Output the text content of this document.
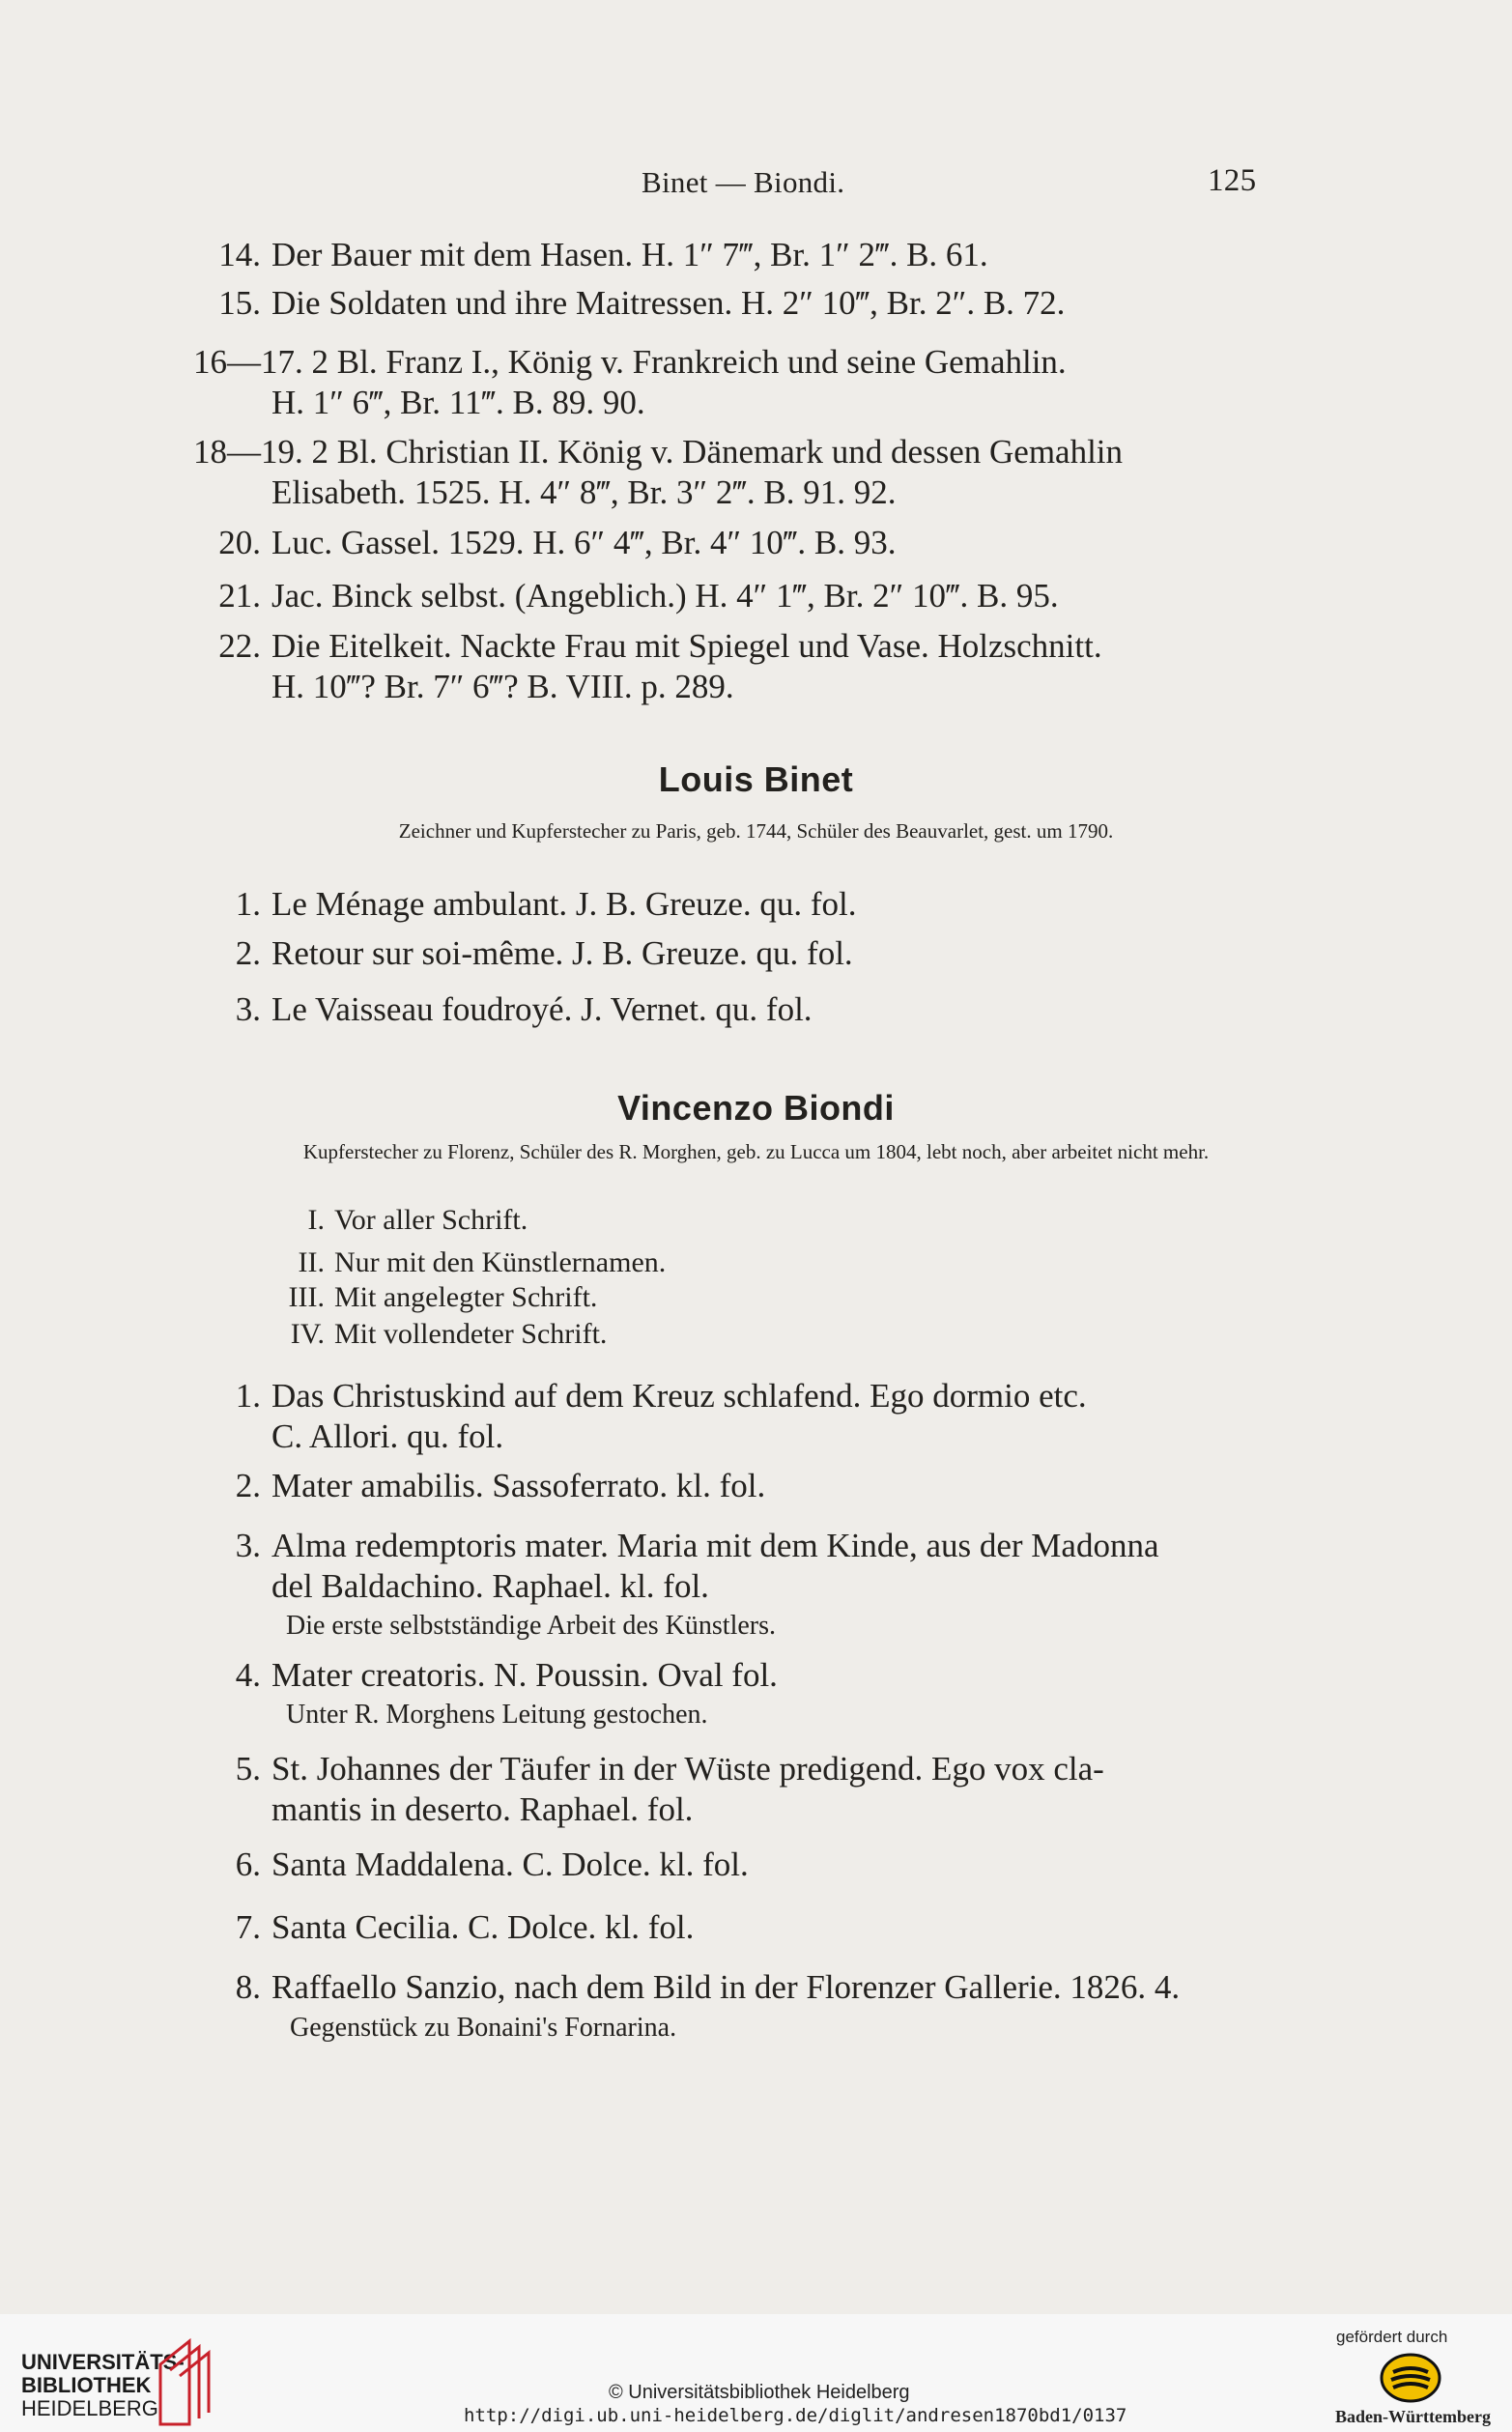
Binet — Biondi.	125
14. Der Bauer mit dem Hasen. H. 1″ 7‴, Br. 1″ 2‴. B. 61.
15. Die Soldaten und ihre Maitressen. H. 2″ 10‴, Br. 2″. B. 72.
16—17. 2 Bl. Franz I., König v. Frankreich und seine Gemahlin.
H. 1″ 6‴, Br. 11‴. B. 89. 90.
18—19. 2 Bl. Christian II. König v. Dänemark und dessen Gemahlin
Elisabeth. 1525. H. 4″ 8‴, Br. 3″ 2‴. B. 91. 92.
20. Luc. Gassel. 1529. H. 6″ 4‴, Br. 4″ 10‴. B. 93.
21. Jac. Binck selbst. (Angeblich.) H. 4″ 1‴, Br. 2″ 10‴. B. 95.
22. Die Eitelkeit. Nackte Frau mit Spiegel und Vase. Holzschnitt.
H. 10‴? Br. 7″ 6‴? B. VIII. p. 289.
Louis Binet
Zeichner und Kupferstecher zu Paris, geb. 1744, Schüler des Beauvarlet, gest. um 1790.
1. Le Ménage ambulant. J. B. Greuze. qu. fol.
2. Retour sur soi-même. J. B. Greuze. qu. fol.
3. Le Vaisseau foudroyé. J. Vernet. qu. fol.
Vincenzo Biondi
Kupferstecher zu Florenz, Schüler des R. Morghen, geb. zu Lucca um 1804, lebt noch, aber arbeitet nicht mehr.
I. Vor aller Schrift.
II. Nur mit den Künstlernamen.
III. Mit angelegter Schrift.
IV. Mit vollendeter Schrift.
1. Das Christuskind auf dem Kreuz schlafend. Ego dormio etc.
C. Allori. qu. fol.
2. Mater amabilis. Sassoferrato. kl. fol.
3. Alma redemptoris mater. Maria mit dem Kinde, aus der Madonna
del Baldachino. Raphael. kl. fol.
Die erste selbstständige Arbeit des Künstlers.
4. Mater creatoris. N. Poussin. Oval fol.
Unter R. Morghens Leitung gestochen.
5. St. Johannes der Täufer in der Wüste predigend. Ego vox cla-
mantis in deserto. Raphael. fol.
6. Santa Maddalena. C. Dolce. kl. fol.
7. Santa Cecilia. C. Dolce. kl. fol.
8. Raffaello Sanzio, nach dem Bild in der Florenzer Gallerie. 1826. 4.
Gegenstück zu Bonaini's Fornarina.
UNIVERSITÄTS-
BIBLIOTHEK
HEIDELBERG
© Universitätsbibliothek Heidelberg
http://digi.ub.uni-heidelberg.de/diglit/andresen1870bd1/0137
gefördert durch
Baden-Württemberg
